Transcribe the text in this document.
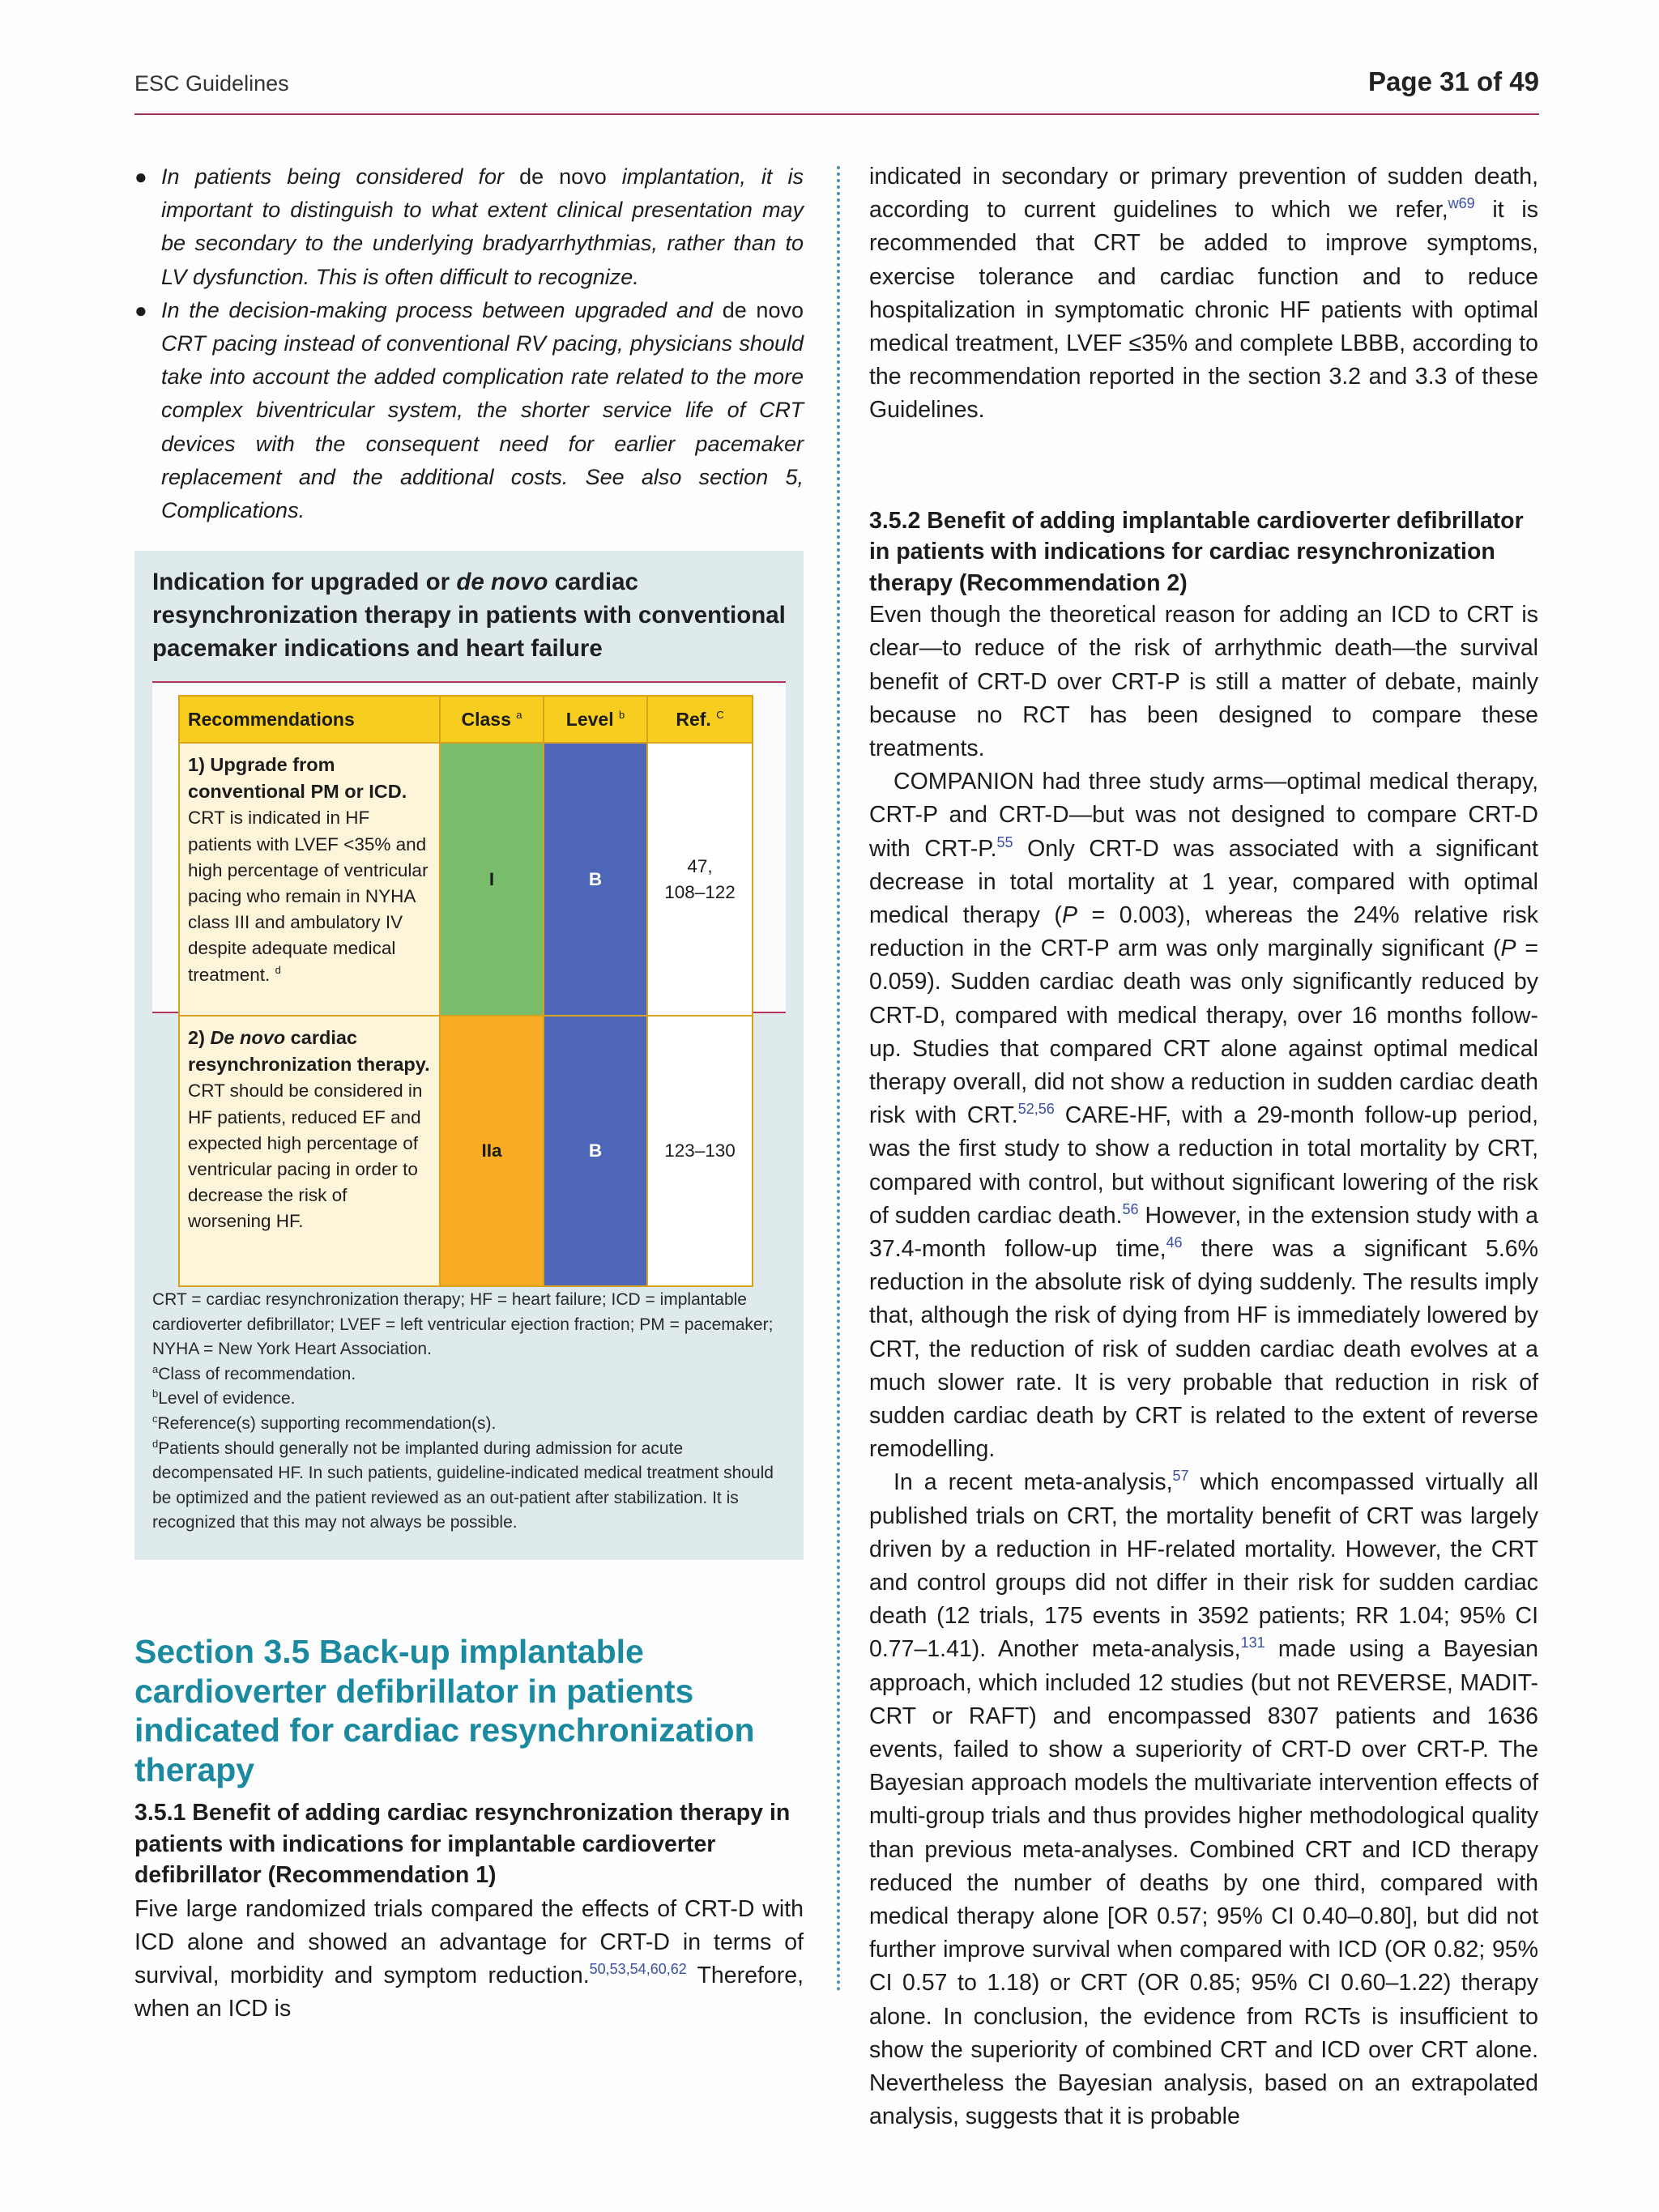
ESC Guidelines	Page 31 of 49
● In patients being considered for de novo implantation, it is important to distinguish to what extent clinical presentation may be secondary to the underlying bradyarrhythmias, rather than to LV dysfunction. This is often difficult to recognize.
● In the decision-making process between upgraded and de novo CRT pacing instead of conventional RV pacing, physicians should take into account the added complication rate related to the more complex biventricular system, the shorter service life of CRT devices with the consequent need for earlier pacemaker replacement and the additional costs. See also section 5, Complications.
Indication for upgraded or de novo cardiac resynchronization therapy in patients with conventional pacemaker indications and heart failure
Recommendations	Class $^a$	Level $^b$	Ref. $^C$
1) Upgrade from conventional PM or ICD.
CRT is indicated in HF patients with LVEF <35% and high percentage of ventricular pacing who remain in NYHA class III and ambulatory IV despite adequate medical treatment. $^d$	I	B	47,
108–122
2) De novo cardiac resynchronization therapy.
CRT should be considered in HF patients, reduced EF and expected high percentage of ventricular pacing in order to decrease the risk of worsening HF.	IIa	B	123–130
CRT = cardiac resynchronization therapy; HF = heart failure; ICD = implantable cardioverter defibrillator; LVEF = left ventricular ejection fraction; PM = pacemaker; NYHA = New York Heart Association.
$^a$Class of recommendation.
$^b$Level of evidence.
$^c$Reference(s) supporting recommendation(s).
$^d$Patients should generally not be implanted during admission for acute decompensated HF. In such patients, guideline-indicated medical treatment should be optimized and the patient reviewed as an out-patient after stabilization. It is recognized that this may not always be possible.
Section 3.5 Back-up implantable cardioverter defibrillator in patients indicated for cardiac resynchronization therapy

3.5.1 Benefit of adding cardiac resynchronization therapy in patients with indications for implantable cardioverter defibrillator (Recommendation 1)

Five large randomized trials compared the effects of CRT-D with ICD alone and showed an advantage for CRT-D in terms of survival, morbidity and symptom reduction.$^{50,53,54,60,62}$ Therefore, when an ICD is

indicated in secondary or primary prevention of sudden death, according to current guidelines to which we refer,$^{w69}$ it is recommended that CRT be added to improve symptoms, exercise tolerance and cardiac function and to reduce hospitalization in symptomatic chronic HF patients with optimal medical treatment, LVEF ≤35% and complete LBBB, according to the recommendation reported in the section 3.2 and 3.3 of these Guidelines.

3.5.2 Benefit of adding implantable cardioverter defibrillator in patients with indications for cardiac resynchronization therapy (Recommendation 2)

Even though the theoretical reason for adding an ICD to CRT is clear—to reduce of the risk of arrhythmic death—the survival benefit of CRT-D over CRT-P is still a matter of debate, mainly because no RCT has been designed to compare these treatments.

COMPANION had three study arms—optimal medical therapy, CRT-P and CRT-D—but was not designed to compare CRT-D with CRT-P.$^{55}$ Only CRT-D was associated with a significant decrease in total mortality at 1 year, compared with optimal medical therapy (P = 0.003), whereas the 24% relative risk reduction in the CRT-P arm was only marginally significant (P = 0.059). Sudden cardiac death was only significantly reduced by CRT-D, compared with medical therapy, over 16 months follow-up. Studies that compared CRT alone against optimal medical therapy overall, did not show a reduction in sudden cardiac death risk with CRT.$^{52,56}$ CARE-HF, with a 29-month follow-up period, was the first study to show a reduction in total mortality by CRT, compared with control, but without significant lowering of the risk of sudden cardiac death.$^{56}$ However, in the extension study with a 37.4-month follow-up time,$^{46}$ there was a significant 5.6% reduction in the absolute risk of dying suddenly. The results imply that, although the risk of dying from HF is immediately lowered by CRT, the reduction of risk of sudden cardiac death evolves at a much slower rate. It is very probable that reduction in risk of sudden cardiac death by CRT is related to the extent of reverse remodelling.

In a recent meta-analysis,$^{57}$ which encompassed virtually all published trials on CRT, the mortality benefit of CRT was largely driven by a reduction in HF-related mortality. However, the CRT and control groups did not differ in their risk for sudden cardiac death (12 trials, 175 events in 3592 patients; RR 1.04; 95% CI 0.77–1.41). Another meta-analysis,$^{131}$ made using a Bayesian approach, which included 12 studies (but not REVERSE, MADIT-CRT or RAFT) and encompassed 8307 patients and 1636 events, failed to show a superiority of CRT-D over CRT-P. The Bayesian approach models the multivariate intervention effects of multi-group trials and thus provides higher methodological quality than previous meta-analyses. Combined CRT and ICD therapy reduced the number of deaths by one third, compared with medical therapy alone [OR 0.57; 95% CI 0.40–0.80], but did not further improve survival when compared with ICD (OR 0.82; 95% CI 0.57 to 1.18) or CRT (OR 0.85; 95% CI 0.60–1.22) therapy alone. In conclusion, the evidence from RCTs is insufficient to show the superiority of combined CRT and ICD over CRT alone. Nevertheless the Bayesian analysis, based on an extrapolated analysis, suggests that it is probable
